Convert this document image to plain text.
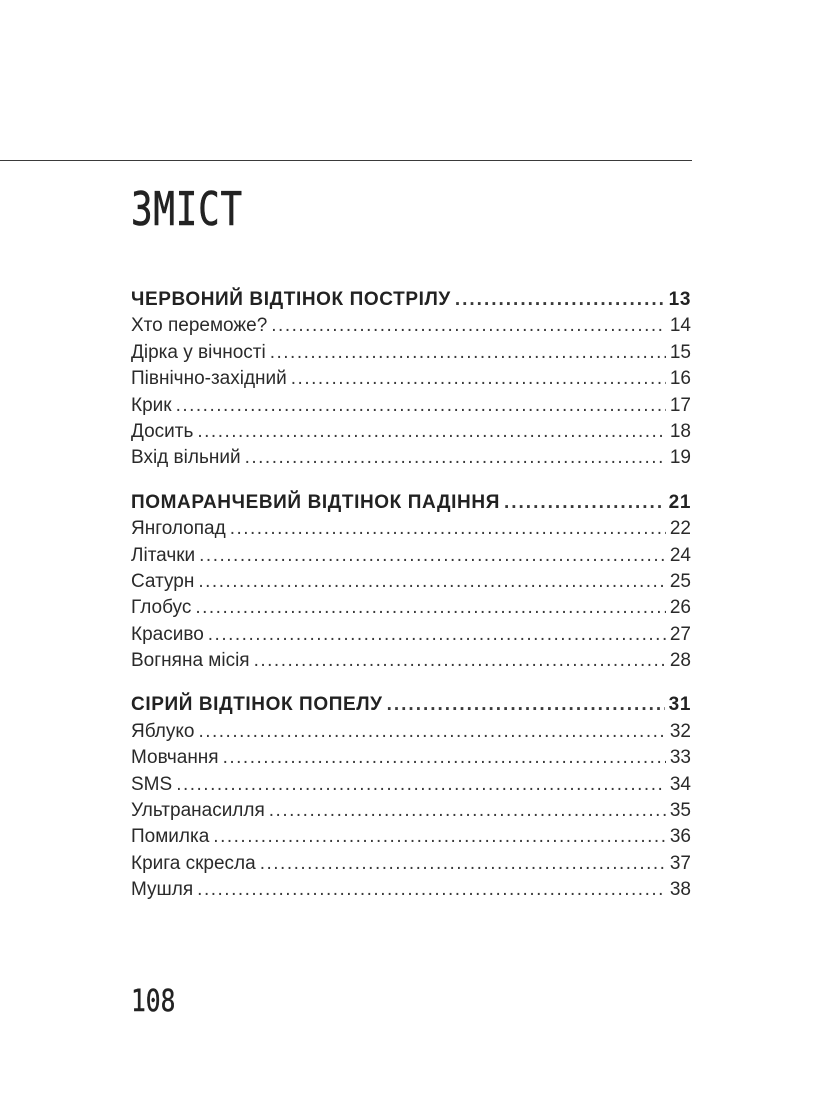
ЗМІСТ
ЧЕРВОНИЙ ВІДТІНОК ПОСТРІЛУ .....	13
Хто переможе? .....	14
Дірка у вічності .....	15
Північно-західний .....	16
Крик .....	17
Досить .....	18
Вхід вільний .....	19
ПОМАРАНЧЕВИЙ ВІДТІНОК ПАДІННЯ .....	21
Янголопад .....	22
Літачки .....	24
Сатурн .....	25
Глобус .....	26
Красиво .....	27
Вогняна місія .....	28
СІРИЙ ВІДТІНОК ПОПЕЛУ .....	31
Яблуко .....	32
Мовчання .....	33
SMS .....	34
Ультранасилля .....	35
Помилка .....	36
Крига скресла .....	37
Мушля .....	38
108
